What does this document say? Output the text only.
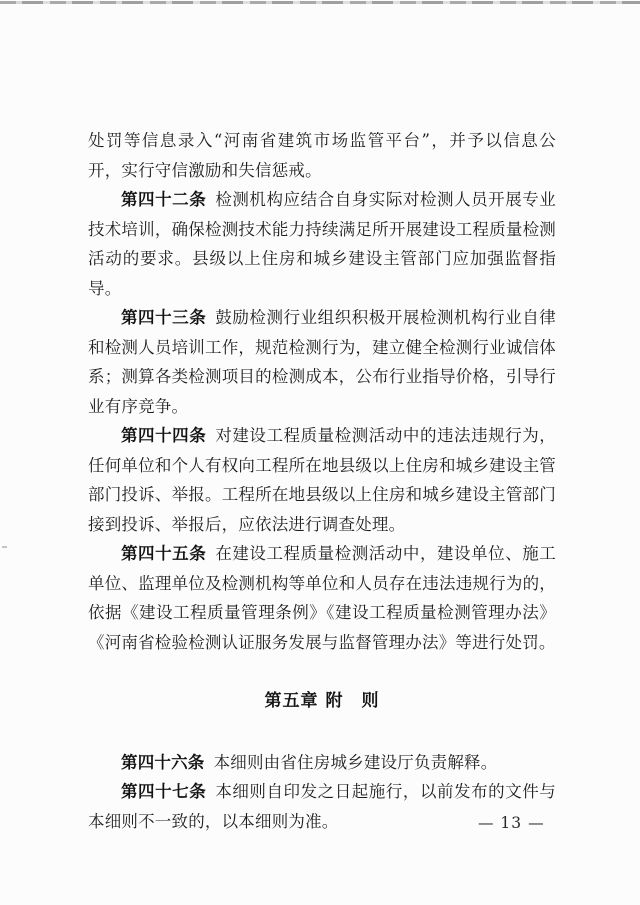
处罚等信息录入“河南省建筑市场监管平台”，并予以信息公开，实行守信激励和失信惩戒。

第四十二条 检测机构应结合自身实际对检测人员开展专业技术培训，确保检测技术能力持续满足所开展建设工程质量检测活动的要求。县级以上住房和城乡建设主管部门应加强监督指导。

第四十三条 鼓励检测行业组织积极开展检测机构行业自律和检测人员培训工作，规范检测行为，建立健全检测行业诚信体系；测算各类检测项目的检测成本，公布行业指导价格，引导行业有序竞争。

第四十四条 对建设工程质量检测活动中的违法违规行为，任何单位和个人有权向工程所在地县级以上住房和城乡建设主管部门投诉、举报。工程所在地县级以上住房和城乡建设主管部门接到投诉、举报后，应依法进行调查处理。

第四十五条 在建设工程质量检测活动中，建设单位、施工单位、监理单位及检测机构等单位和人员存在违法违规行为的，依据《建设工程质量管理条例》《建设工程质量检测管理办法》《河南省检验检测认证服务发展与监督管理办法》等进行处罚。

第五章 附　则

第四十六条 本细则由省住房城乡建设厅负责解释。

第四十七条 本细则自印发之日起施行，以前发布的文件与本细则不一致的，以本细则为准。	— 13 —
